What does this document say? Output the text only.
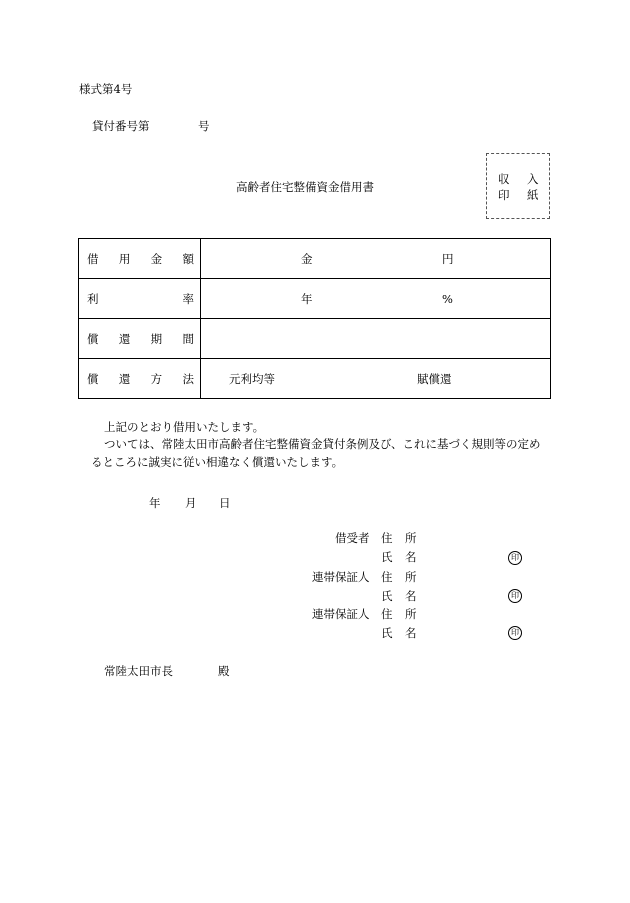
様式第4号
貸付番号第	号
高齢者住宅整備資金借用書
収 入
印 紙
借 用 金 額	金 円

利 率	年 %

償 還 期 間	

償 還 方 法	元利均等 賦償還
上記のとおり借用いたします。
ついては、常陸太田市高齢者住宅整備資金貸付条例及び、これに基づく規則等の定め
るところに誠実に従い相違なく償還いたします。
年 月 日
借受者 住 所
氏 名	印
連帯保証人 住 所
氏 名	印
連帯保証人 住 所
氏 名	印
常陸太田市長	殿
